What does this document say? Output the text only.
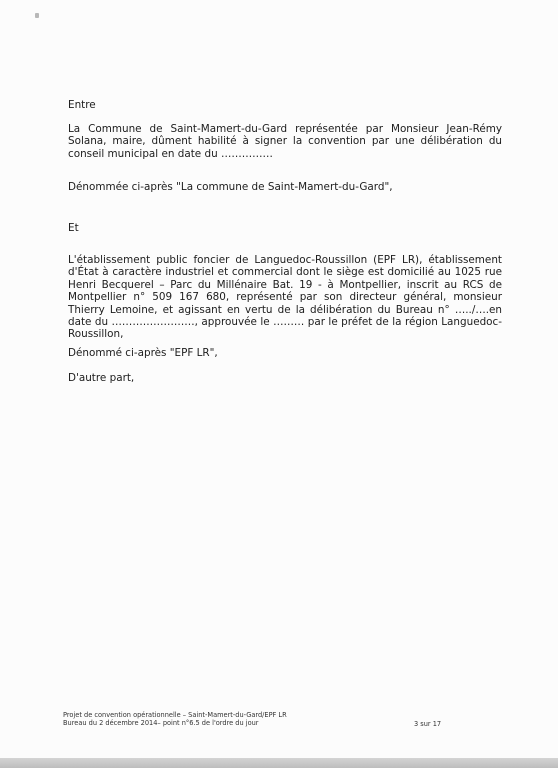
Entre
La Commune de Saint-Mamert-du-Gard représentée par Monsieur Jean-Rémy Solana, maire, dûment habilité à signer la convention par une délibération du conseil municipal en date du ……………
Dénommée ci-après "La commune de Saint-Mamert-du-Gard",
Et
L'établissement public foncier de Languedoc-Roussillon (EPF LR), établissement d'État à caractère industriel et commercial dont le siège est domicilié au 1025 rue Henri Becquerel – Parc du Millénaire Bat. 19 - à Montpellier, inscrit au RCS de Montpellier n° 509 167 680, représenté par son directeur général, monsieur Thierry Lemoine, et agissant en vertu de la délibération du Bureau n° …../….en date du ……………………, approuvée le ……… par le préfet de la région Languedoc-Roussillon,
Dénommé ci-après "EPF LR",
D'autre part,
Projet de convention opérationnelle – Saint-Mamert-du-Gard/EPF LR
Bureau du 2 décembre 2014– point n°6.5 de l'ordre du jour	3 sur 17
